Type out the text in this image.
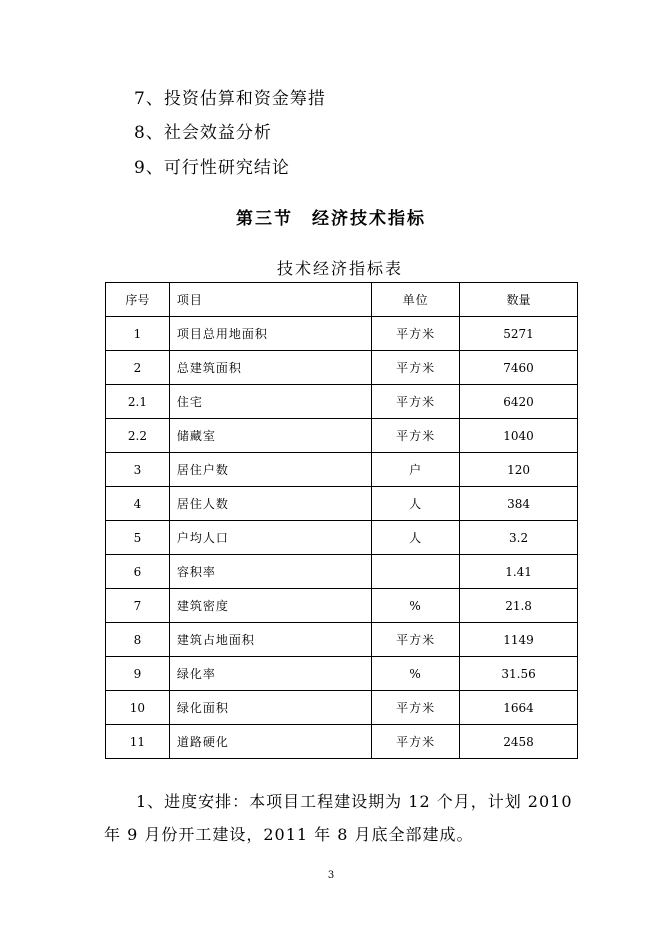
7、投资估算和资金筹措
8、社会效益分析
9、可行性研究结论
第三节　经济技术指标
技术经济指标表
序号	项目	单位	数量
1	项目总用地面积	平方米	5271
2	总建筑面积	平方米	7460
2.1	住宅	平方米	6420
2.2	储藏室	平方米	1040
3	居住户数	户	120
4	居住人数	人	384
5	户均人口	人	3.2
6	容积率		1.41
7	建筑密度	%	21.8
8	建筑占地面积	平方米	1149
9	绿化率	%	31.56
10	绿化面积	平方米	1664
11	道路硬化	平方米	2458
1、进度安排：本项目工程建设期为 12 个月，计划 2010
年 9 月份开工建设，2011 年 8 月底全部建成。
3
